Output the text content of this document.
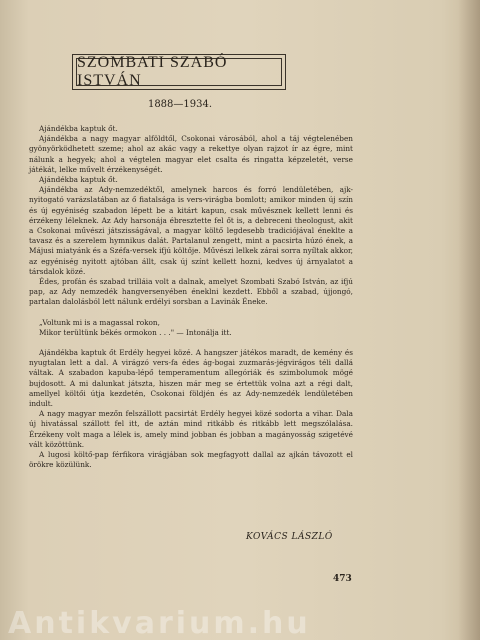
SZOMBATI SZABÓ ISTVÁN
1888—1934.

Ajándékba kaptuk őt.

Ajándékba a nagy magyar alföldtől, Csokonai városából, ahol a táj végtelenében gyönyörködhetett szeme; ahol az akác vagy a rekettye olyan rajzot ír az égre, mint nálunk a hegyek; ahol a végtelen magyar elet csalta és ringatta képzeletét, verse játékát, lelke művelt érzékenységét.

Ajándékba kaptuk őt.

Ajándékba az Ady-nemzedéktől, amelynek harcos és forró lendületében, ajk-nyitogató varázslatában az ő fiatalsága is vers-virágba bomlott; amikor minden új szín és új egyéniség szabadon lépett be a kitárt kapun, csak művésznek kellett lenni és érzékeny léleknek. Az Ady harsonája ébresztette fel őt is, a debreceni theologust, akit a Csokonai művészi játszisságával, a magyar költő legdesebb tradiciójával éneklte a tavasz és a szerelem hymnikus dalát. Partalanul zengett, mint a pacsirta húzó ének, a Májusi miatyánk és a Széfa-versek ifjú költője. Művészi lelkek zárai sorra nyíltak akkor, az egyéniség nyitott ajtóban állt, csak új színt kellett hozni, kedves új árnyalatot a társdalok közé.

Édes, profán és szabad trilláia volt a dalnak, amelyet Szombati Szabó István, az ifjú pap, az Ady nemzedék hangversenyében éneklni kezdett. Ebből a szabad, újjongó, partalan dalolásból lett nálunk erdélyi sorsban a Lavinák Éneke.

„Voltunk mi is a magassal rokon,
Mikor terültünk békés ormokon . . ." — Intonálja itt.

Ajándékba kaptuk őt Erdély hegyei közé. A hangszer játékos maradt, de kemény és nyugtalan lett a dal. A virágzó vers-fa édes ág-bogai zuzmarás-jégvirágos téli dallá váltak. A szabadon kapuba-lépő temperamentum allegóriák és szimbolumok mögé bujdosott. A mi dalunkat játszta, hiszen már meg se értettük volna azt a régi dalt, amellyel költői útja kezdetén, Csokonai földjén és az Ady-nemzedék lendületében indult.

A nagy magyar mezőn felszállott pacsirtát Erdély hegyei közé sodorta a vihar. Dala új hivatással szállott fel itt, de aztán mind ritkább és ritkább lett megszólalása. Érzékeny volt maga a lélek is, amely mind jobban és jobban a magányosság szigetévé vált közöttünk.

A lugosi költő-pap férfikora virágjában sok megfagyott dallal az ajkán távozott el örökre közülünk.

KOVÁCS LÁSZLÓ
473
Antikvarium.hu
